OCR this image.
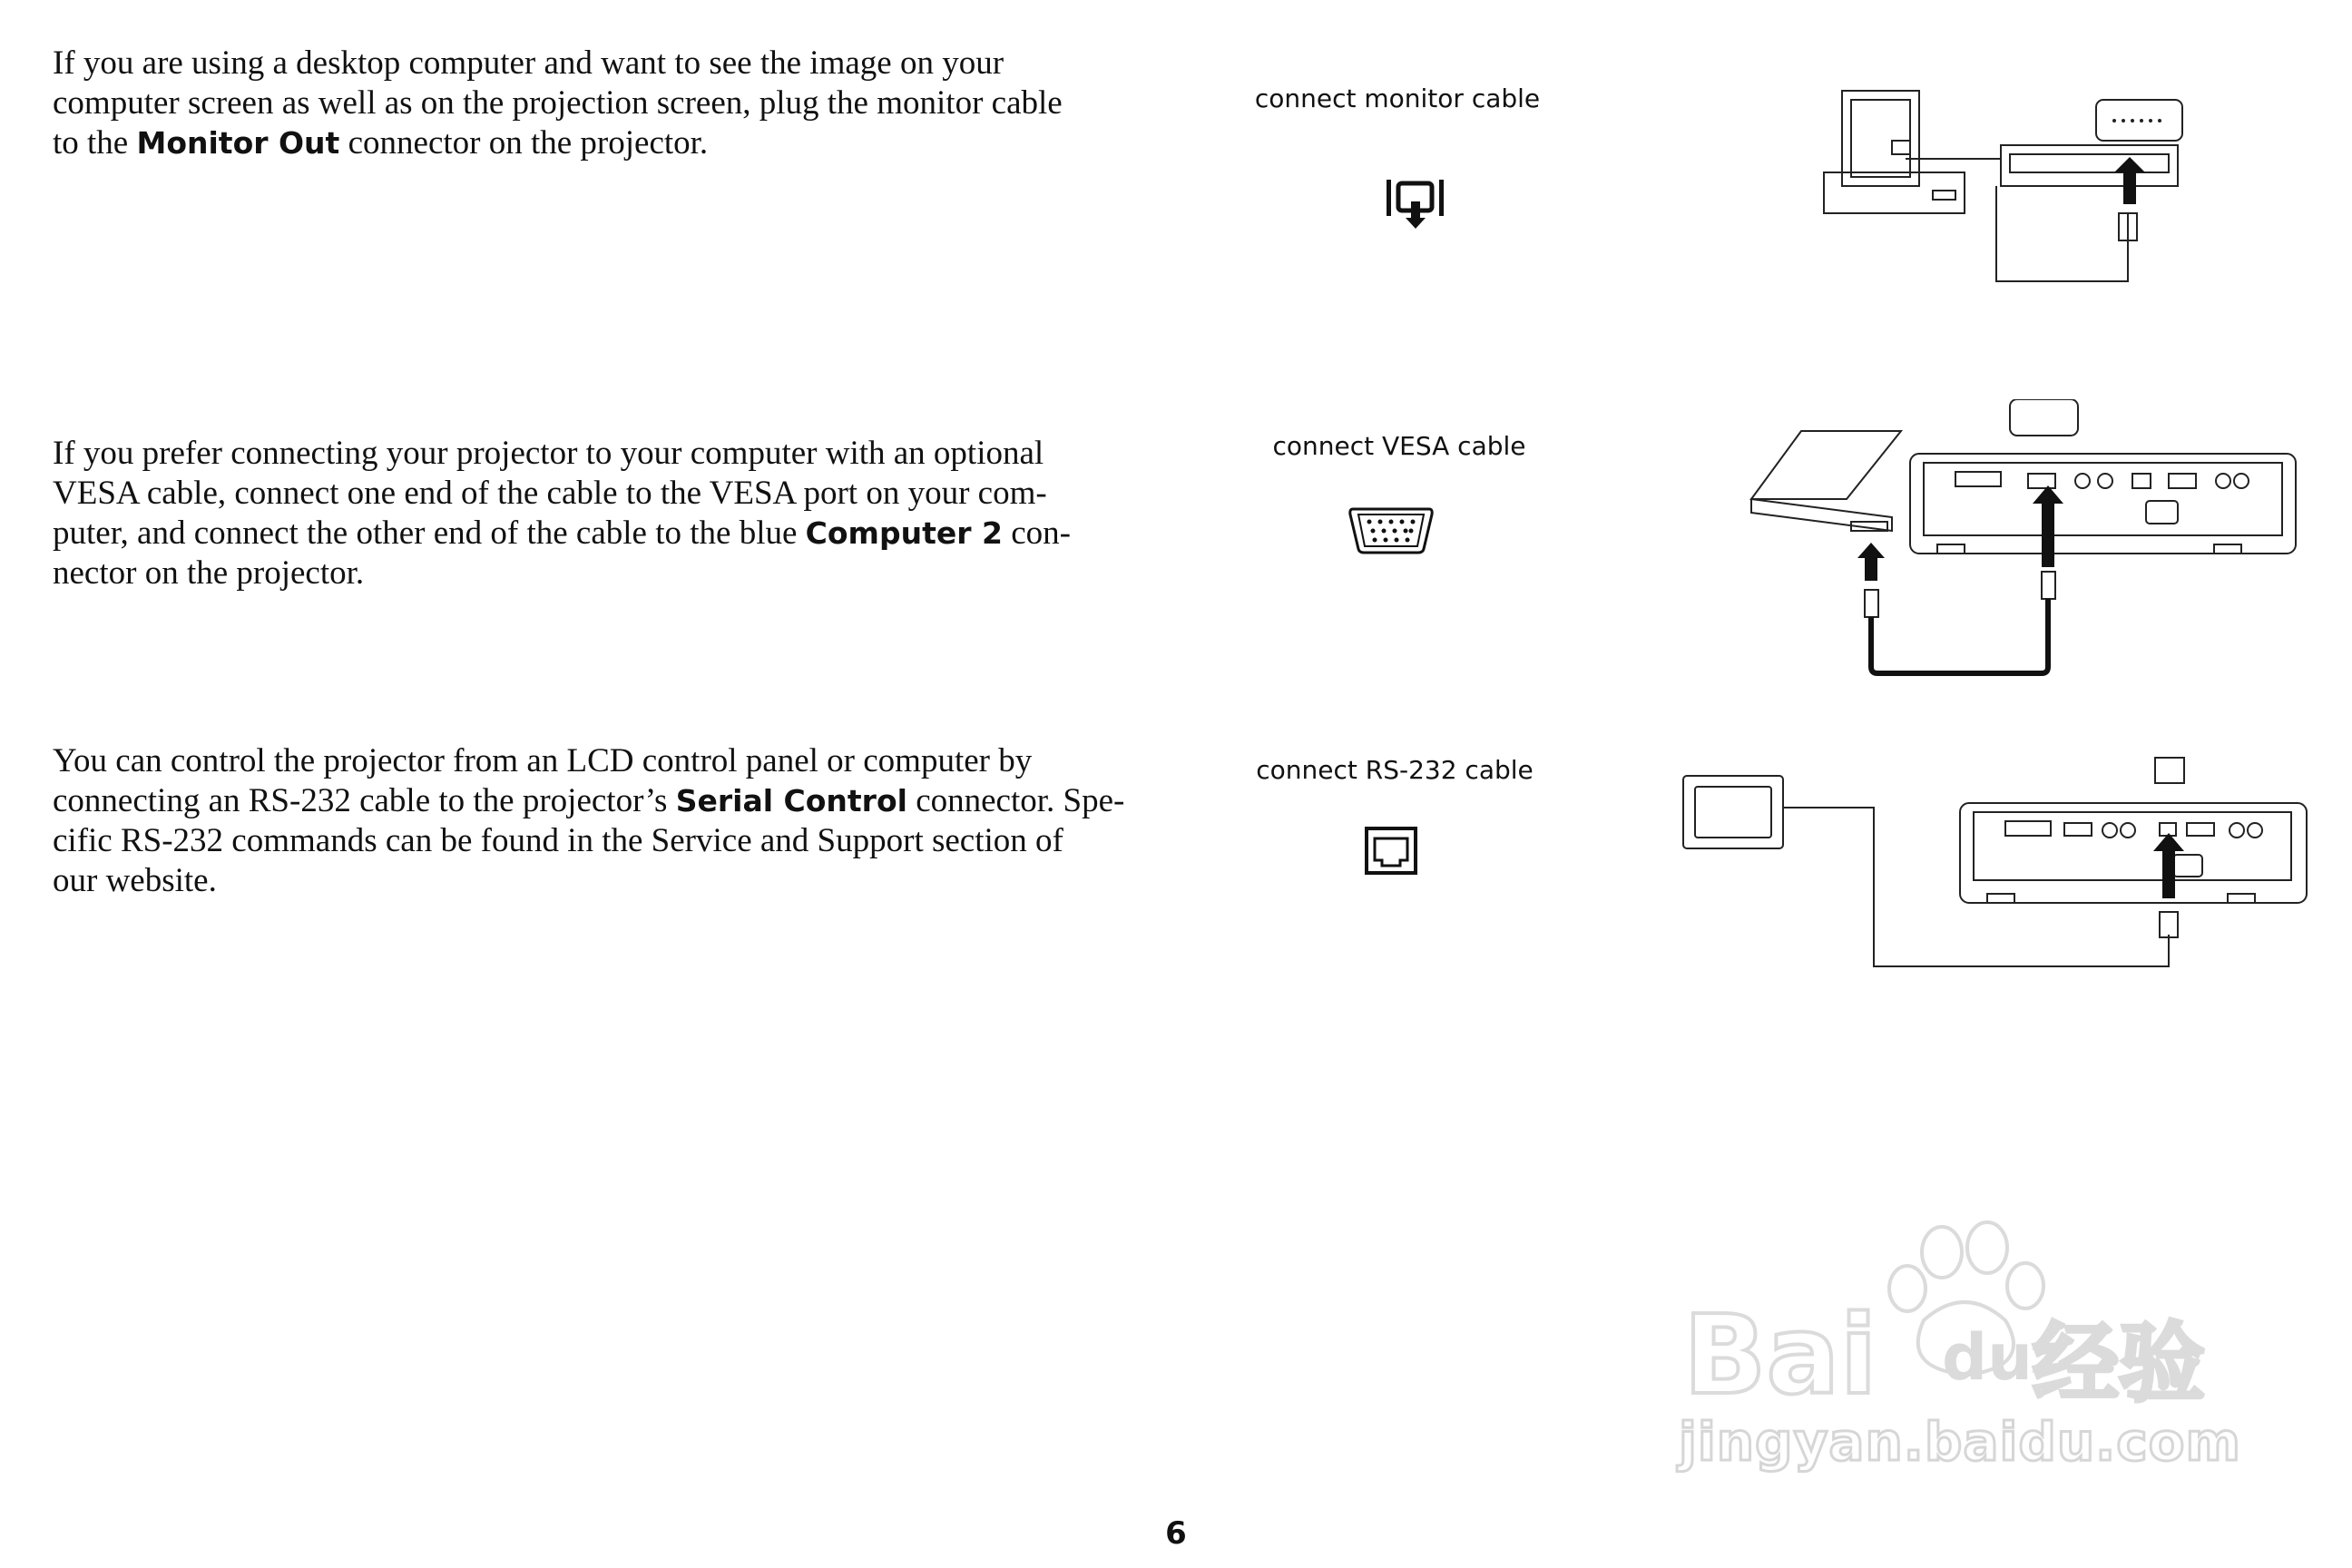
If you are using a desktop computer and want to see the image on your
computer screen as well as on the projection screen, plug the monitor cable
to the Monitor Out connector on the projector.

connect monitor cable

If you prefer connecting your projector to your computer with an optional
VESA cable, connect one end of the cable to the VESA port on your com-
puter, and connect the other end of the cable to the blue Computer 2 con-
nector on the projector.

connect VESA cable

You can control the projector from an LCD control panel or computer by
connecting an RS-232 cable to the projector’s Serial Control connector. Spe-
cific RS-232 commands can be found in the Service and Support section of
our website.

connect RS-232 cable
6
Bai du 经验
jingyan.baidu.com
